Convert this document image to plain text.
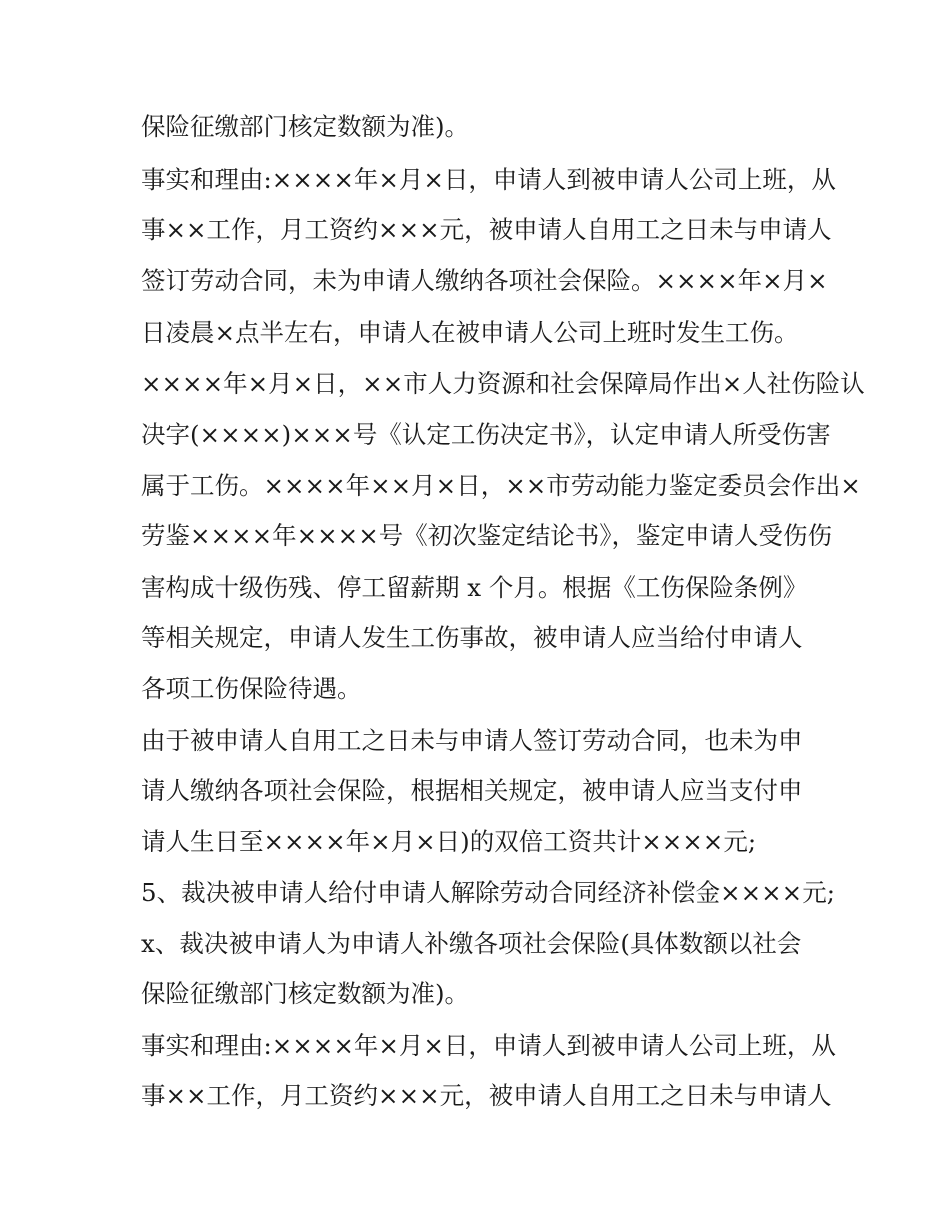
保险征缴部门核定数额为准)。
事实和理由:××××年×月×日，申请人到被申请人公司上班，从
事××工作，月工资约×××元，被申请人自用工之日未与申请人
签订劳动合同，未为申请人缴纳各项社会保险。××××年×月×
日凌晨×点半左右，申请人在被申请人公司上班时发生工伤。
××××年×月×日，××市人力资源和社会保障局作出×人社伤险认
决字(××××)×××号《认定工伤决定书》，认定申请人所受伤害
属于工伤。××××年××月×日，××市劳动能力鉴定委员会作出×
劳鉴××××年××××号《初次鉴定结论书》，鉴定申请人受伤伤
害构成十级伤残、停工留薪期 x 个月。根据《工伤保险条例》
等相关规定，申请人发生工伤事故，被申请人应当给付申请人
各项工伤保险待遇。
由于被申请人自用工之日未与申请人签订劳动合同，也未为申
请人缴纳各项社会保险，根据相关规定，被申请人应当支付申
请人生日至××××年×月×日)的双倍工资共计××××元;
5、裁决被申请人给付申请人解除劳动合同经济补偿金××××元;
x、裁决被申请人为申请人补缴各项社会保险(具体数额以社会
保险征缴部门核定数额为准)。
事实和理由:××××年×月×日，申请人到被申请人公司上班，从
事××工作，月工资约×××元，被申请人自用工之日未与申请人
